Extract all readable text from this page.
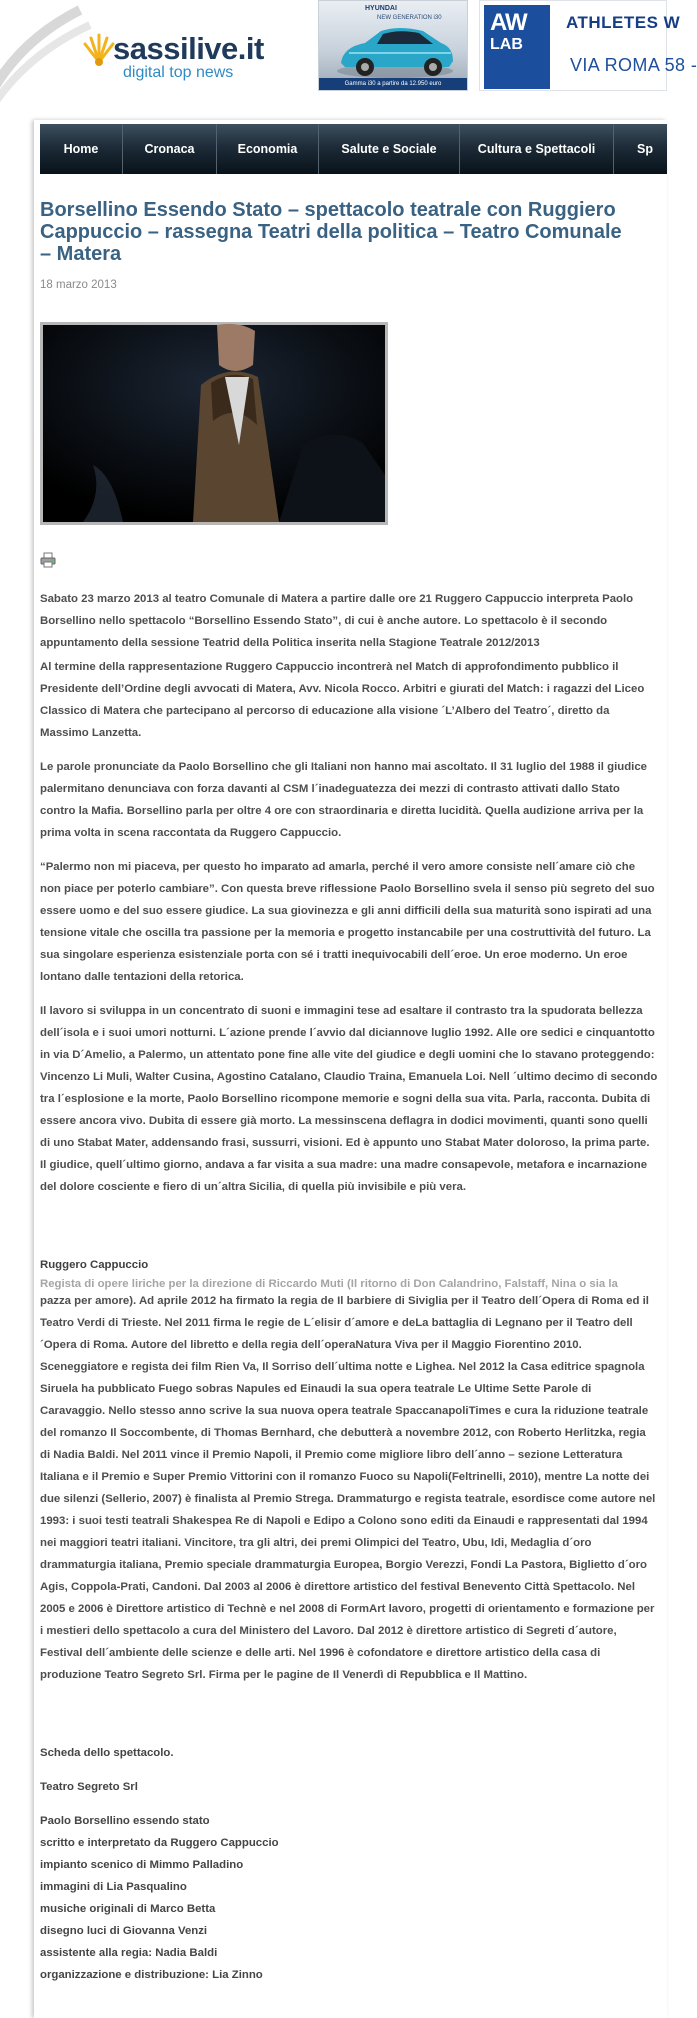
sassilive.it
digital top news
HYUNDAI
NEW GENERATION i30
Gamma i30 a partire da 12.950 euro
AW
LAB
ATHLETES W
VIA ROMA 58 -
Home	Cronaca	Economia	Salute e Sociale	Cultura e Spettacoli	Sp
Borsellino Essendo Stato – spettacolo teatrale con Ruggiero Cappuccio – rassegna Teatri della politica – Teatro Comunale – Matera
18 marzo 2013

Sabato 23 marzo 2013 al teatro Comunale di Matera a partire dalle ore 21 Ruggero Cappuccio interpreta Paolo Borsellino nello spettacolo “Borsellino Essendo Stato”, di cui è anche autore. Lo spettacolo è il secondo appuntamento della sessione Teatrid della Politica inserita nella Stagione Teatrale 2012/2013

Al termine della rappresentazione Ruggero Cappuccio incontrerà nel Match di approfondimento pubblico il Presidente dell’Ordine degli avvocati di Matera, Avv. Nicola Rocco. Arbitri e giurati del Match: i ragazzi del Liceo Classico di Matera che partecipano al percorso di educazione alla visione ´L’Albero del Teatro´, diretto da Massimo Lanzetta.

Le parole pronunciate da Paolo Borsellino che gli Italiani non hanno mai ascoltato. Il 31 luglio del 1988 il giudice palermitano denunciava con forza davanti al CSM l´inadeguatezza dei mezzi di contrasto attivati dallo Stato contro la Mafia. Borsellino parla per oltre 4 ore con straordinaria e diretta lucidità. Quella audizione arriva per la prima volta in scena raccontata da Ruggero Cappuccio.

“Palermo non mi piaceva, per questo ho imparato ad amarla, perché il vero amore consiste nell´amare ciò che non piace per poterlo cambiare”. Con questa breve riflessione Paolo Borsellino svela il senso più segreto del suo essere uomo e del suo essere giudice. La sua giovinezza e gli anni difficili della sua maturità sono ispirati ad una tensione vitale che oscilla tra passione per la memoria e progetto instancabile per una costruttività del futuro. La sua singolare esperienza esistenziale porta con sé i tratti inequivocabili dell´eroe. Un eroe moderno. Un eroe lontano dalle tentazioni della retorica.

Il lavoro si sviluppa in un concentrato di suoni e immagini tese ad esaltare il contrasto tra la spudorata bellezza dell´isola e i suoi umori notturni. L´azione prende l´avvio dal diciannove luglio 1992. Alle ore sedici e cinquantotto in via D´Amelio, a Palermo, un attentato pone fine alle vite del giudice e degli uomini che lo stavano proteggendo: Vincenzo Li Muli, Walter Cusina, Agostino Catalano, Claudio Traina, Emanuela Loi. Nell ´ultimo decimo di secondo tra l´esplosione e la morte, Paolo Borsellino ricompone memorie e sogni della sua vita. Parla, racconta. Dubita di essere ancora vivo. Dubita di essere già morto. La messinscena deflagra in dodici movimenti, quanti sono quelli di uno Stabat Mater, addensando frasi, sussurri, visioni. Ed è appunto uno Stabat Mater doloroso, la prima parte. Il giudice, quell´ultimo giorno, andava a far visita a sua madre: una madre consapevole, metafora e incarnazione del dolore cosciente e fiero di un´altra Sicilia, di quella più invisibile e più vera.

Ruggero Cappuccio

Regista di opere liriche per la direzione di Riccardo Muti (Il ritorno di Don Calandrino, Falstaff, Nina o sia la

pazza per amore). Ad aprile 2012 ha firmato la regia de Il barbiere di Siviglia per il Teatro dell´Opera di Roma ed il Teatro Verdi di Trieste. Nel 2011 firma le regie de L´elisir d´amore e deLa battaglia di Legnano per il Teatro dell´Opera di Roma. Autore del libretto e della regia dell´operaNatura Viva per il Maggio Fiorentino 2010. Sceneggiatore e regista dei film Rien Va, Il Sorriso dell´ultima notte e Lighea. Nel 2012 la Casa editrice spagnola Siruela ha pubblicato Fuego sobras Napules ed Einaudi la sua opera teatrale Le Ultime Sette Parole di Caravaggio. Nello stesso anno scrive la sua nuova opera teatrale SpaccanapoliTimes e cura la riduzione teatrale del romanzo Il Soccombente, di Thomas Bernhard, che debutterà a novembre 2012, con Roberto Herlitzka, regia di Nadia Baldi. Nel 2011 vince il Premio Napoli, il Premio come migliore libro dell´anno – sezione Letteratura Italiana e il Premio e Super Premio Vittorini con il romanzo Fuoco su Napoli(Feltrinelli, 2010), mentre La notte dei due silenzi (Sellerio, 2007) è finalista al Premio Strega. Drammaturgo e regista teatrale, esordisce come autore nel 1993: i suoi testi teatrali Shakespea Re di Napoli e Edipo a Colono sono editi da Einaudi e rappresentati dal 1994 nei maggiori teatri italiani. Vincitore, tra gli altri, dei premi Olimpici del Teatro, Ubu, Idi, Medaglia d´oro drammaturgia italiana, Premio speciale drammaturgia Europea, Borgio Verezzi, Fondi La Pastora, Biglietto d´oro Agis, Coppola-Prati, Candoni. Dal 2003 al 2006 è direttore artistico del festival Benevento Città Spettacolo. Nel 2005 e 2006 è Direttore artistico di Technè e nel 2008 di FormArt lavoro, progetti di orientamento e formazione per i mestieri dello spettacolo a cura del Ministero del Lavoro. Dal 2012 è direttore artistico di Segreti d´autore, Festival dell´ambiente delle scienze e delle arti. Nel 1996 è cofondatore e direttore artistico della casa di produzione Teatro Segreto Srl. Firma per le pagine de Il Venerdì di Repubblica e Il Mattino.

Scheda dello spettacolo.

Teatro Segreto Srl

Paolo Borsellino essendo stato
scritto e interpretato da Ruggero Cappuccio
impianto scenico di Mimmo Palladino
immagini di Lia Pasqualino
musiche originali di Marco Betta
disegno luci di Giovanna Venzi
assistente alla regia: Nadia Baldi
organizzazione e distribuzione: Lia Zinno
